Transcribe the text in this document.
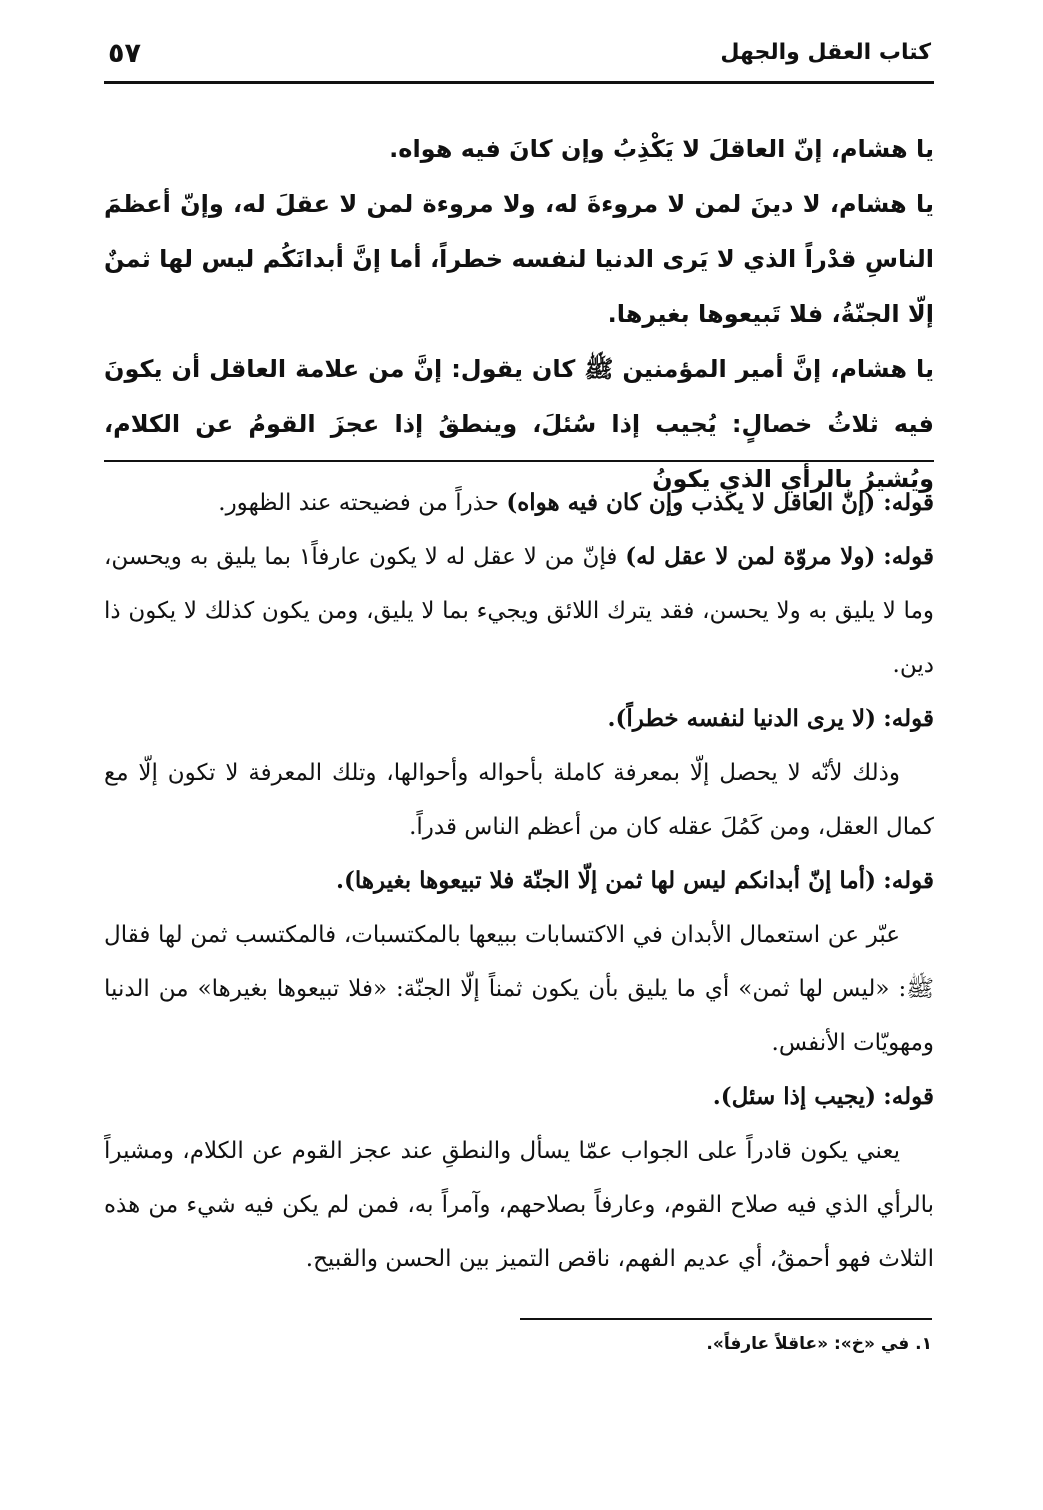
كتاب العقل والجهل
٥٧

يا هشام، إنّ العاقلَ لا يَكْذِبُ وإن كانَ فيه هواه.

يا هشام، لا دينَ لمن لا مروءةَ له، ولا مروءة لمن لا عقلَ له، وإنّ أعظمَ الناسِ قدْراً الذي لا يَرى الدنيا لنفسه خطراً، أما إنَّ أبدانَكُم ليس لها ثمنٌ إلّا الجنّةُ، فلا تَبيعوها بغيرها.

يا هشام، إنَّ أمير المؤمنين ﷺ كان يقول: إنَّ من علامة العاقل أن يكونَ فيه ثلاثُ خصالٍ: يُجيب إذا سُئلَ، وينطقُ إذا عجزَ القومُ عن الكلام، ويُشيرُ بالرأي الذي يكونُ

قوله: (إنّ العاقل لا يكذب وإن كان فيه هواه) حذراً من فضيحته عند الظهور.

قوله: (ولا مروّة لمن لا عقل له) فإنّ من لا عقل له لا يكون عارفاً١ بما يليق به ويحسن، وما لا يليق به ولا يحسن، فقد يترك اللائق ويجيء بما لا يليق، ومن يكون كذلك لا يكون ذا دين.

قوله: (لا يرى الدنيا لنفسه خطراً).

وذلك لأنّه لا يحصل إلّا بمعرفة كاملة بأحواله وأحوالها، وتلك المعرفة لا تكون إلّا مع كمال العقل، ومن كَمُلَ عقله كان من أعظم الناس قدراً.

قوله: (أما إنّ أبدانكم ليس لها ثمن إلّا الجنّة فلا تبيعوها بغيرها).

عبّر عن استعمال الأبدان في الاكتسابات ببيعها بالمكتسبات، فالمكتسب ثمن لها فقال ﷺ: «ليس لها ثمن» أي ما يليق بأن يكون ثمناً إلّا الجنّة: «فلا تبيعوها بغيرها» من الدنيا ومهويّات الأنفس.

قوله: (يجيب إذا سئل).

يعني يكون قادراً على الجواب عمّا يسأل والنطقِ عند عجز القوم عن الكلام، ومشيراً بالرأي الذي فيه صلاح القوم، وعارفاً بصلاحهم، وآمراً به، فمن لم يكن فيه شيء من هذه الثلاث فهو أحمقُ، أي عديم الفهم، ناقص التميز بين الحسن والقبيح.

١. في «خ»: «عاقلاً عارفاً».
